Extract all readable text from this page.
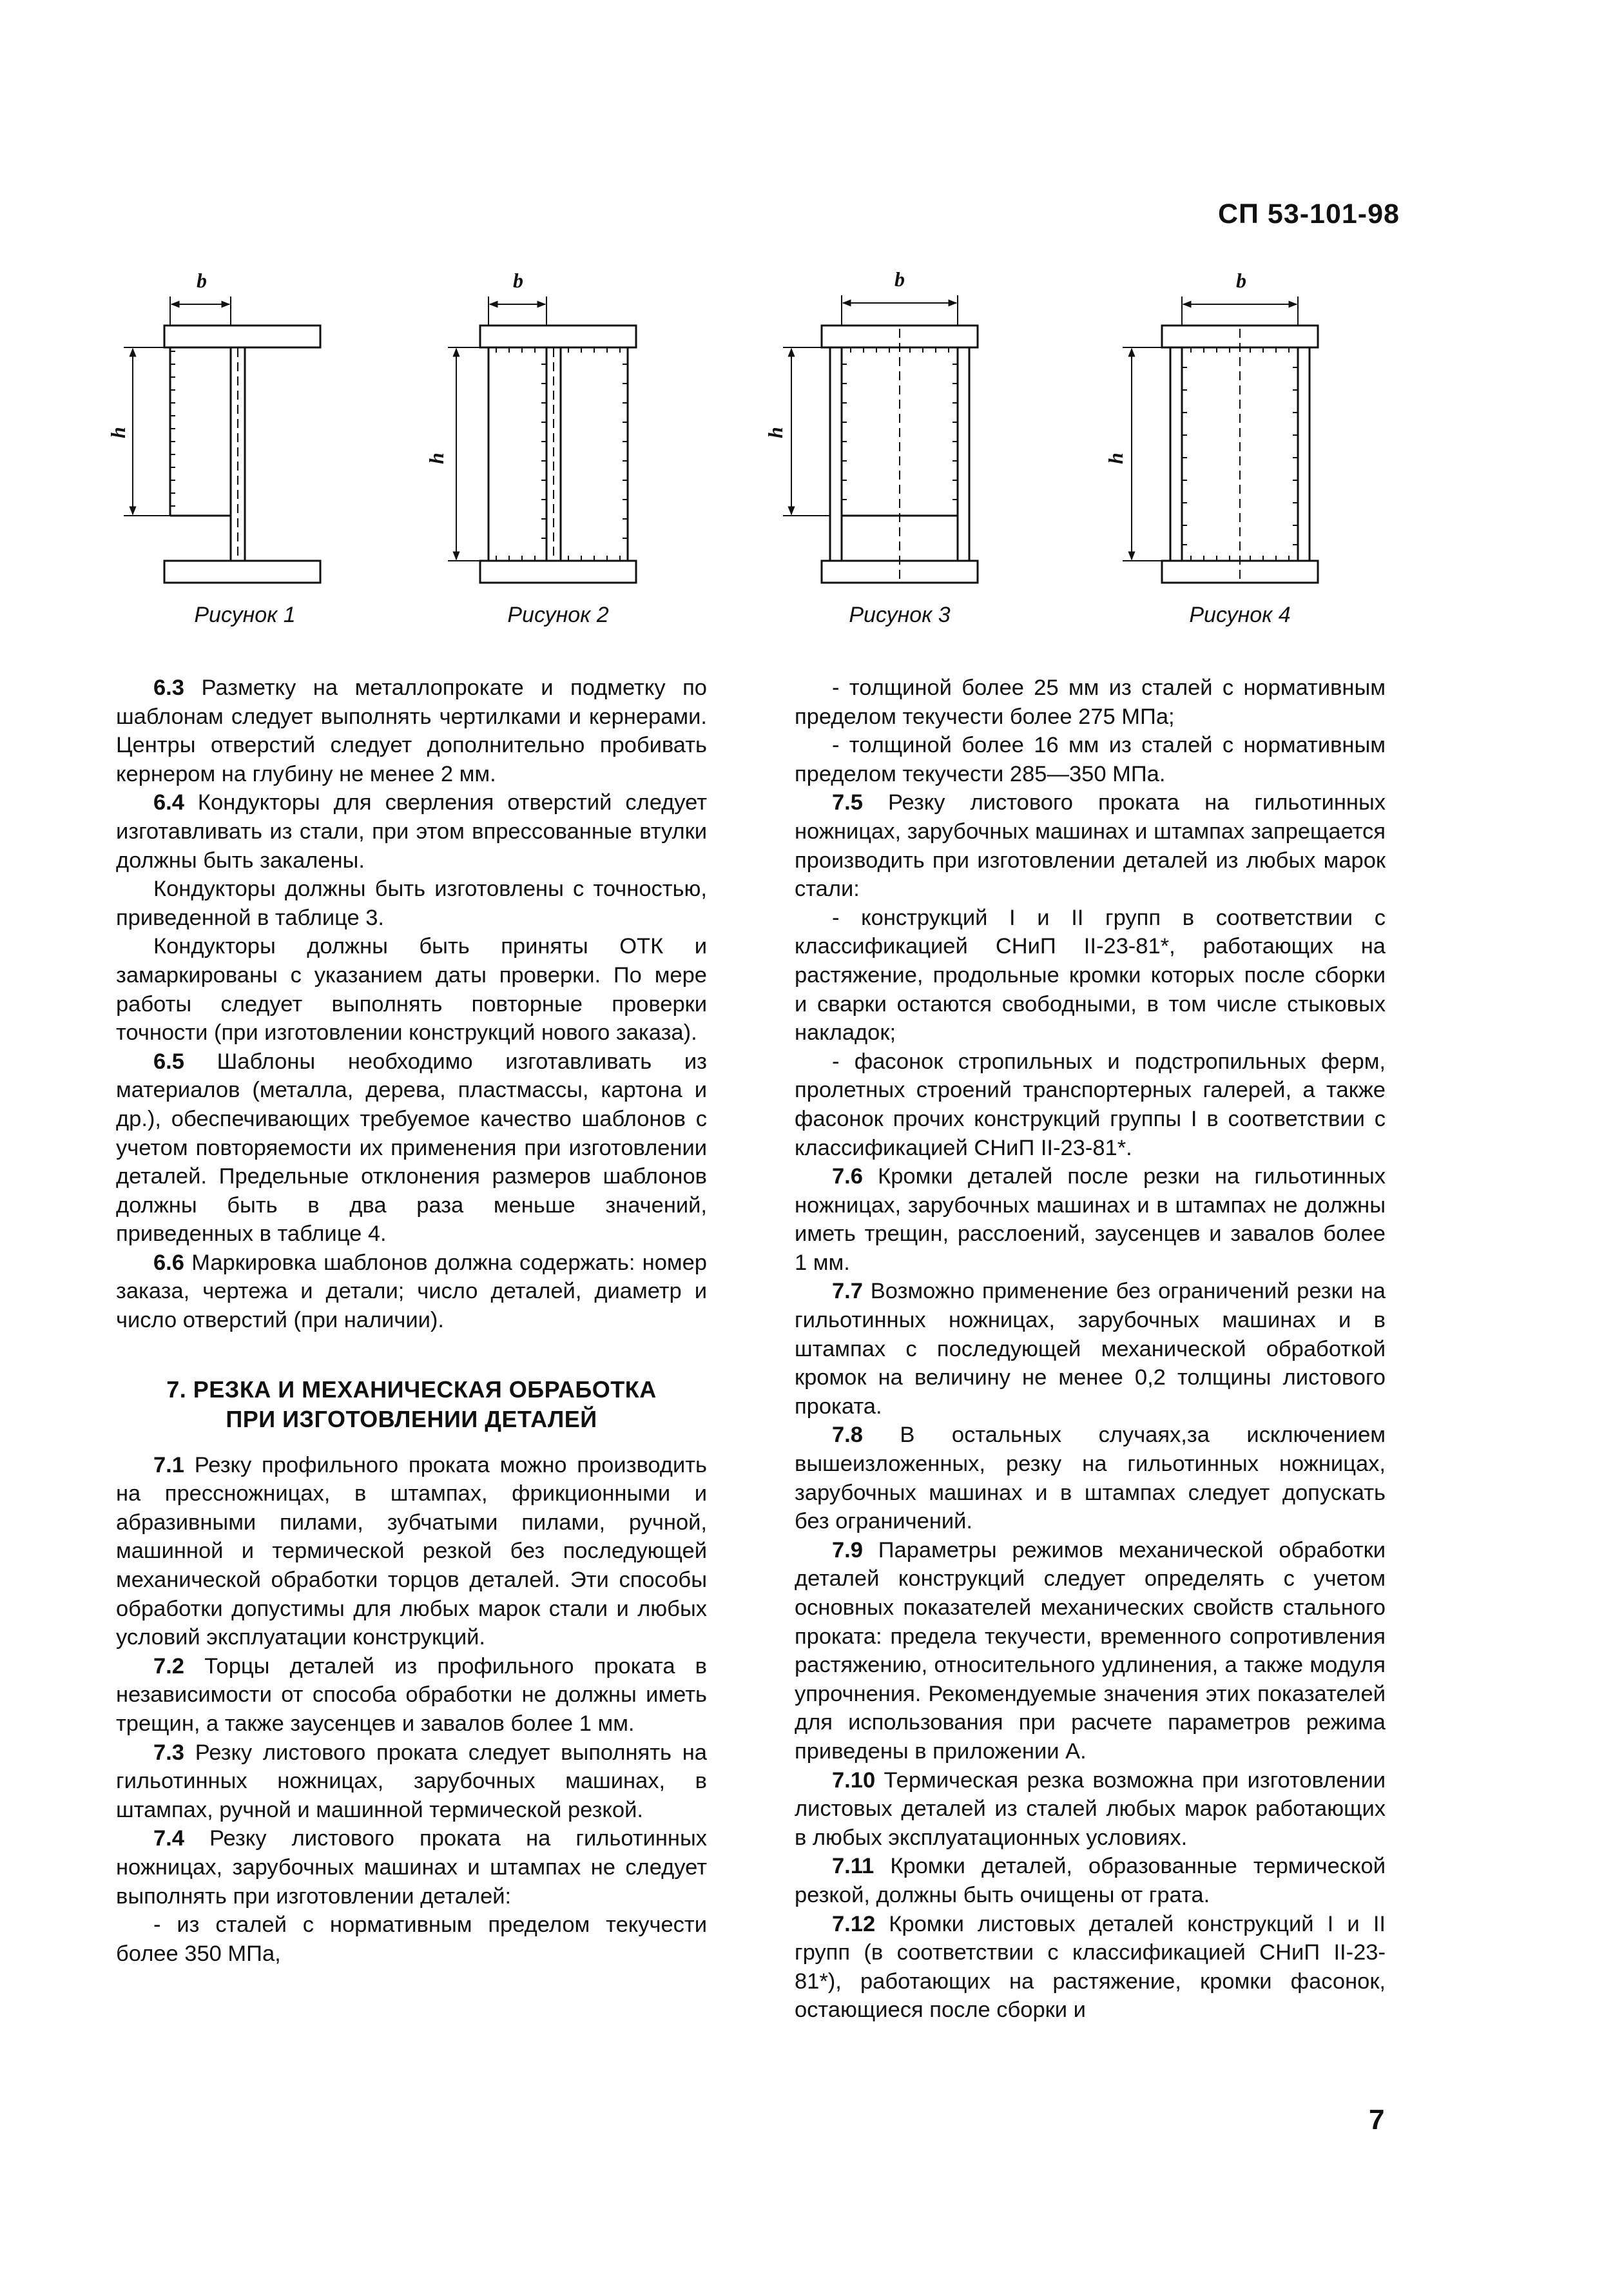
СП 53-101-98
b	b	b	b
h
h
h
h
Рисунок 1	Рисунок 2	Рисунок 3	Рисунок 4

6.3 Разметку на металлопрокате и подметку по шаблонам следует выполнять чертилками и кернерами. Центры отверстий следует дополнительно пробивать кернером на глубину не менее 2 мм.

6.4 Кондукторы для сверления отверстий следует изготавливать из стали, при этом впрессованные втулки должны быть закалены.

Кондукторы должны быть изготовлены с точностью, приведенной в таблице 3.

Кондукторы должны быть приняты ОТК и замаркированы с указанием даты проверки. По мере работы следует выполнять повторные проверки точности (при изготовлении конструкций нового заказа).

6.5 Шаблоны необходимо изготавливать из материалов (металла, дерева, пластмассы, картона и др.), обеспечивающих требуемое качество шаблонов с учетом повторяемости их применения при изготовлении деталей. Предельные отклонения размеров шаблонов должны быть в два раза меньше значений, приведенных в таблице 4.

6.6 Маркировка шаблонов должна содержать: номер заказа, чертежа и детали; число деталей, диаметр и число отверстий (при наличии).

7. РЕЗКА И МЕХАНИЧЕСКАЯ ОБРАБОТКА
ПРИ ИЗГОТОВЛЕНИИ ДЕТАЛЕЙ

7.1 Резку профильного проката можно производить на прессножницах, в штампах, фрикционными и абразивными пилами, зубчатыми пилами, ручной, машинной и термической резкой без последующей механической обработки торцов деталей. Эти способы обработки допустимы для любых марок стали и любых условий эксплуатации конструкций.

7.2 Торцы деталей из профильного проката в независимости от способа обработки не должны иметь трещин, а также заусенцев и завалов более 1 мм.

7.3 Резку листового проката следует выполнять на гильотинных ножницах, зарубочных машинах, в штампах, ручной и машинной термической резкой.

7.4 Резку листового проката на гильотинных ножницах, зарубочных машинах и штампах не следует выполнять при изготовлении деталей:

- из сталей с нормативным пределом текучести более 350 МПа,

- толщиной более 25 мм из сталей с нормативным пределом текучести более 275 МПа;

- толщиной более 16 мм из сталей с нормативным пределом текучести 285—350 МПа.

7.5 Резку листового проката на гильотинных ножницах, зарубочных машинах и штампах запрещается производить при изготовлении деталей из любых марок стали:

- конструкций I и II групп в соответствии с классификацией СНиП II-23-81*, работающих на растяжение, продольные кромки которых после сборки и сварки остаются свободными, в том числе стыковых накладок;

- фасонок стропильных и подстропильных ферм, пролетных строений транспортерных галерей, а также фасонок прочих конструкций группы I в соответствии с классификацией СНиП II-23-81*.

7.6 Кромки деталей после резки на гильотинных ножницах, зарубочных машинах и в штампах не должны иметь трещин, расслоений, заусенцев и завалов более 1 мм.

7.7 Возможно применение без ограничений резки на гильотинных ножницах, зарубочных машинах и в штампах с последующей механической обработкой кромок на величину не менее 0,2 толщины листового проката.

7.8 В остальных случаях,за исключением вышеизложенных, резку на гильотинных ножницах, зарубочных машинах и в штампах следует допускать без ограничений.

7.9 Параметры режимов механической обработки деталей конструкций следует определять с учетом основных показателей механических свойств стального проката: предела текучести, временного сопротивления растяжению, относительного удлинения, а также модуля упрочнения. Рекомендуемые значения этих показателей для использования при расчете параметров режима приведены в приложении А.

7.10 Термическая резка возможна при изготовлении листовых деталей из сталей любых марок работающих в любых эксплуатационных условиях.

7.11 Кромки деталей, образованные термической резкой, должны быть очищены от грата.

7.12 Кромки листовых деталей конструкций I и II групп (в соответствии с классификацией СНиП II-23-81*), работающих на растяжение, кромки фасонок, остающиеся после сборки и

7
